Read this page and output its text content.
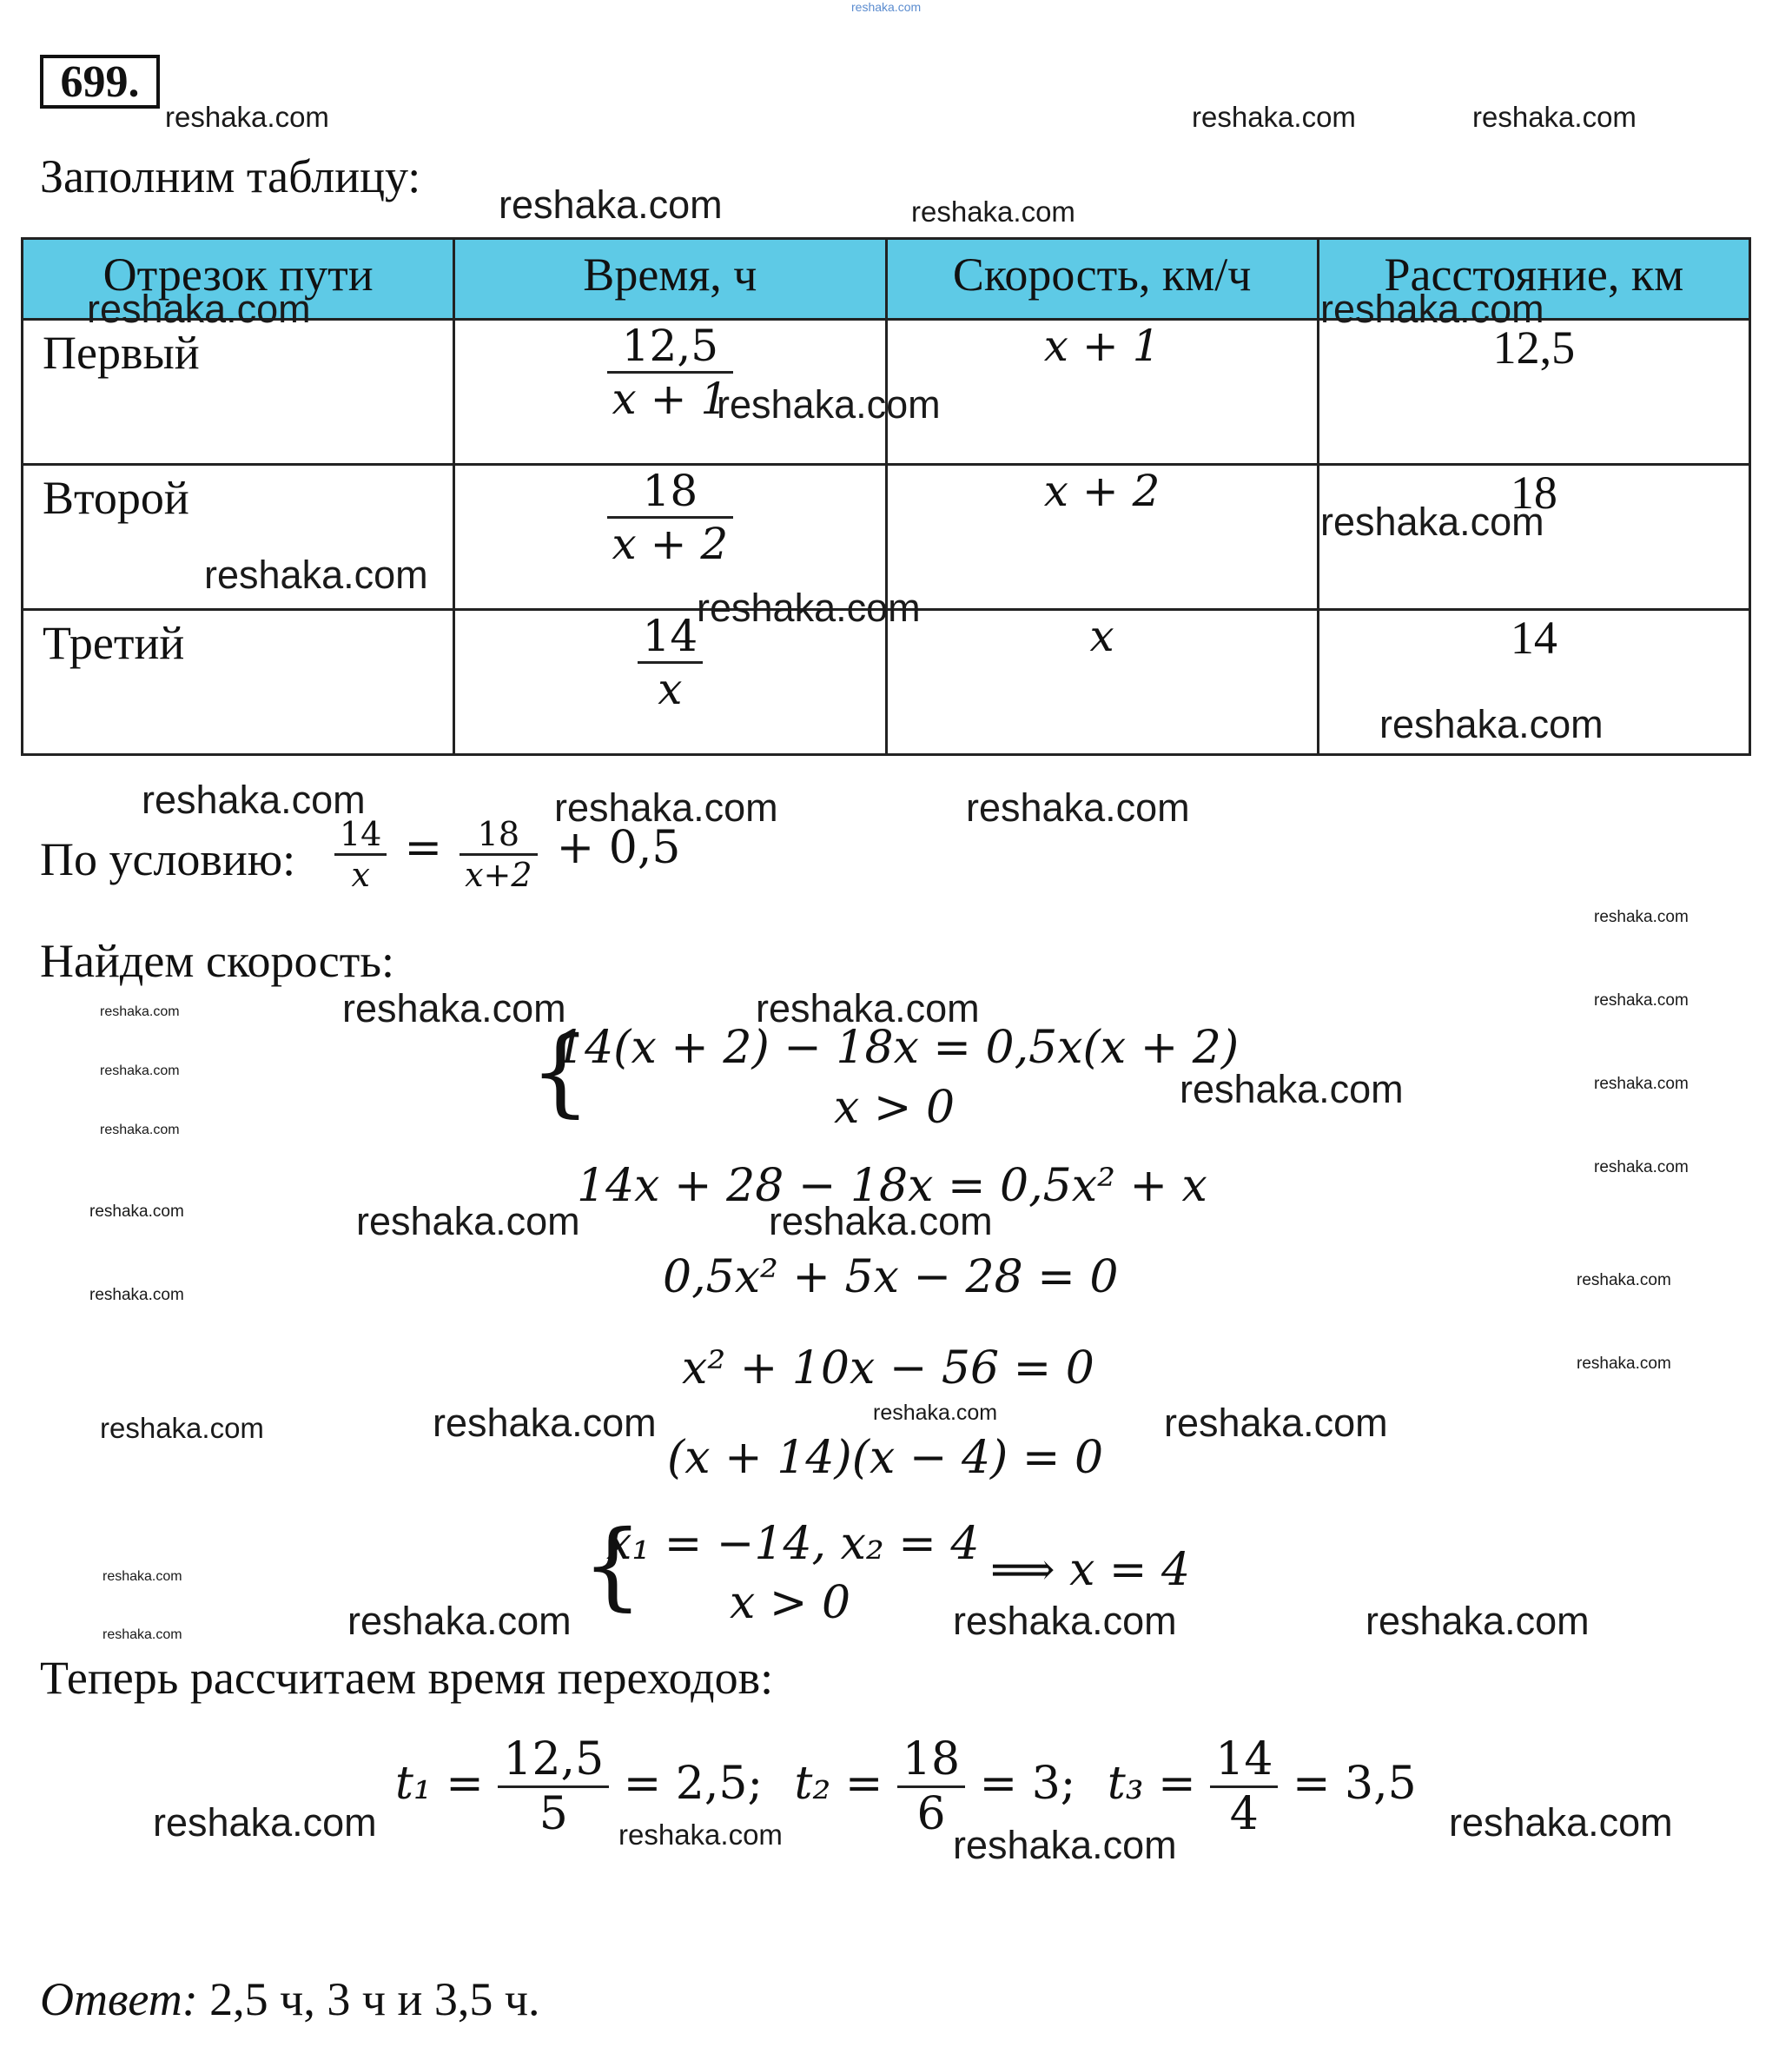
reshaka.com
699.
reshaka.com	reshaka.com	reshaka.com
Заполним таблицу:
reshaka.com	reshaka.com
Отрезок пути	Время, ч	Скорость, км/ч	Расстояние, км
Первый	$\frac{12,5}{x + 1}$	x + 1	12,5
Второй	$\frac{18}{x + 2}$	x + 2	18
Третий	$\frac{14}{x}$	x	14
reshaka.com	reshaka.com
reshaka.com
reshaka.com
reshaka.com
reshaka.com
reshaka.com
reshaka.com	reshaka.com	reshaka.com
По условию: $\frac{14}{x} = \frac{18}{x+2} + 0,5$
reshaka.com
Найдем скорость:
reshaka.com
reshaka.com
reshaka.com
reshaka.com
reshaka.com
reshaka.com
reshaka.com	reshaka.com
{
14(x + 2) − 18x = 0,5x(x + 2)
x > 0	reshaka.com
14x + 28 − 18x = 0,5x² + x
reshaka.com	reshaka.com	reshaka.com
0,5x² + 5x − 28 = 0
reshaka.com
reshaka.com
x² + 10x − 56 = 0	reshaka.com
reshaka.com	reshaka.com	reshaka.com	reshaka.com
(x + 14)(x − 4) = 0
reshaka.com
reshaka.com
{
x₁ = −14, x₂ = 4
x > 0
⟹ x = 4
reshaka.com	reshaka.com	reshaka.com
Теперь рассчитаем время переходов:
reshaka.com
$t_1 = \frac{12,5}{5} = 2,5$; $t_2 = \frac{18}{6} = 3$; $t_3 = \frac{14}{4} = 3,5$
reshaka.com	reshaka.com
reshaka.com
Ответ: 2,5 ч, 3 ч и 3,5 ч.
